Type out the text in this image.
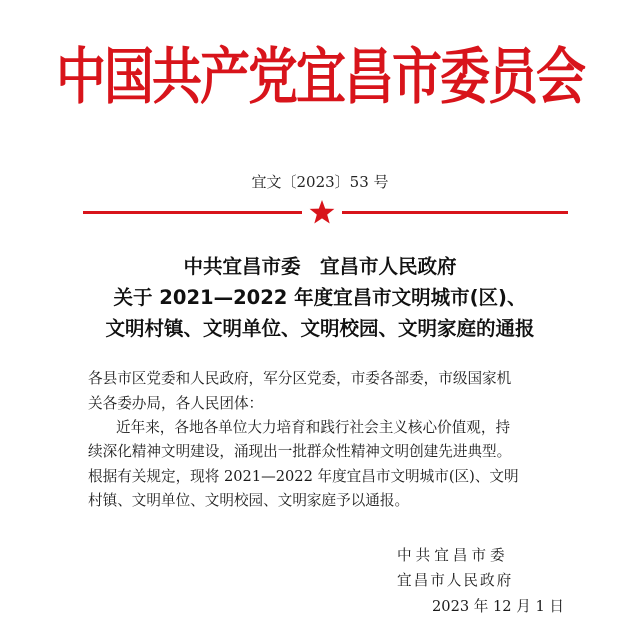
中国共产党宜昌市委员会
宜文〔2023〕53 号
中共宜昌市委　宜昌市人民政府
关于 2021—2022 年度宜昌市文明城市(区)、
文明村镇、文明单位、文明校园、文明家庭的通报
各县市区党委和人民政府，军分区党委，市委各部委，市级国家机
关各委办局，各人民团体：
近年来，各地各单位大力培育和践行社会主义核心价值观，持
续深化精神文明建设，涌现出一批群众性精神文明创建先进典型。
根据有关规定，现将 2021—2022 年度宜昌市文明城市(区)、文明
村镇、文明单位、文明校园、文明家庭予以通报。
中共宜昌市委
宜昌市人民政府
2023 年 12 月 1 日
